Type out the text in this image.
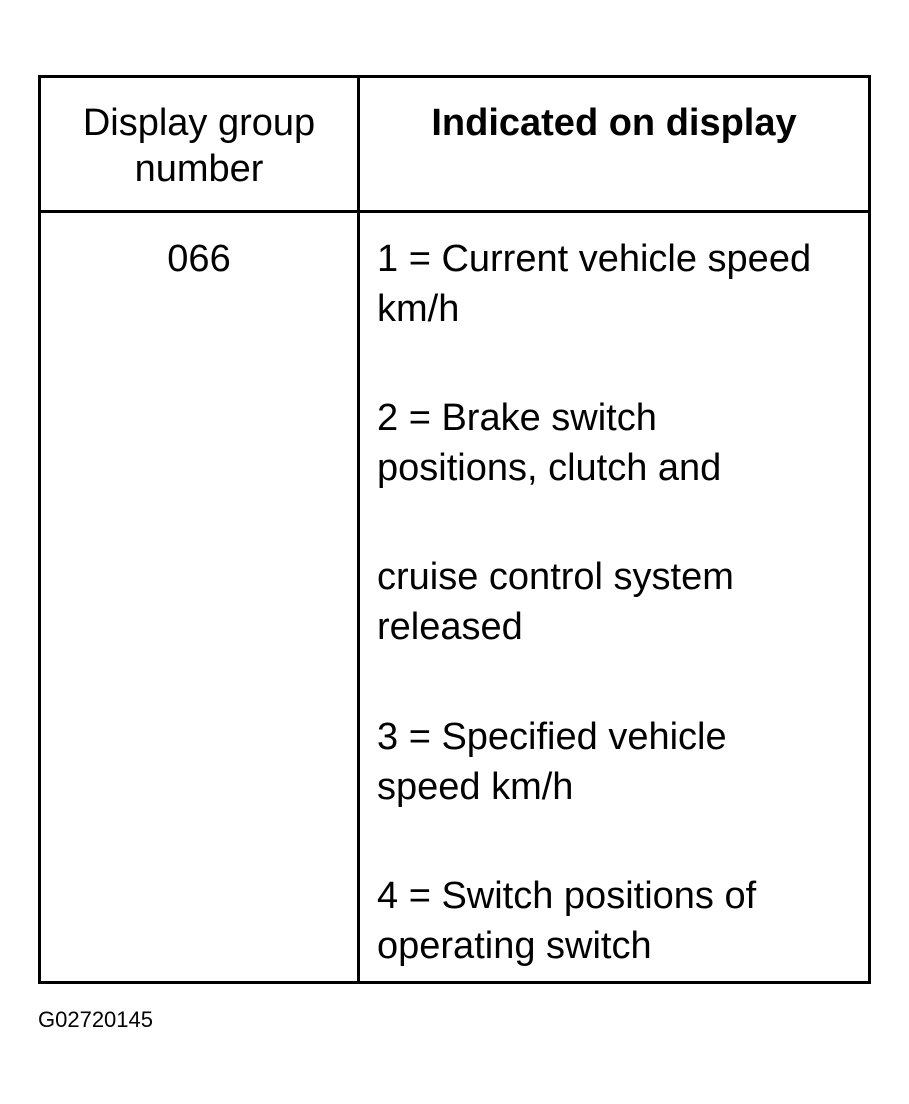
Display group
number
Indicated on display
066	1 = Current vehicle speed
km/h
2 = Brake switch
positions, clutch and
cruise control system
released
3 = Specified vehicle
speed km/h
4 = Switch positions of
operating switch
G02720145
